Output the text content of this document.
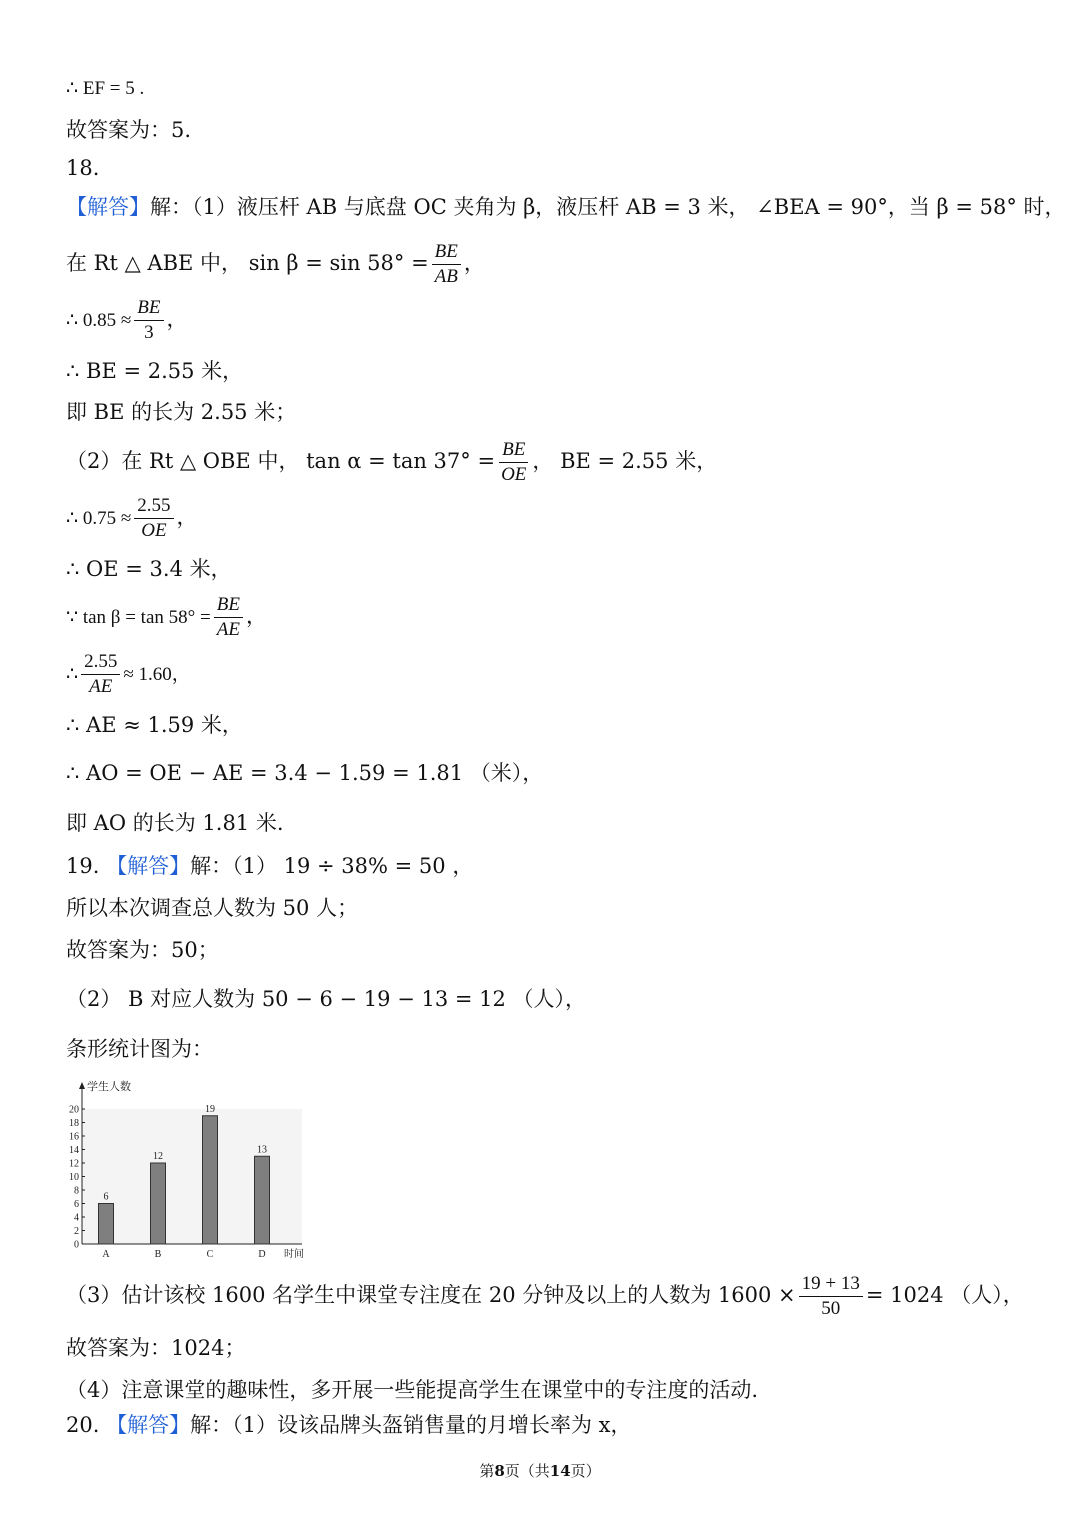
∴ EF = 5 .
故答案为：5.
18.
【解答】解：（1）液压杆 AB 与底盘 OC 夹角为 β，液压杆 AB = 3 米， ∠BEA = 90°，当 β = 58° 时，
在 Rt △ ABE 中， $\sin \beta = \sin 58^\circ = \frac{BE}{AB}$ ，
∴ $0.85 \approx \frac{BE}{3}$ ，
∴ BE = 2.55 米，
即 BE 的长为 2.55 米；
（2）在 Rt △ OBE 中， $\tan \alpha = \tan 37^\circ = \frac{BE}{OE}$ ， BE = 2.55 米，
∴ $0.75 \approx \frac{2.55}{OE}$ ，
∴ OE = 3.4 米，
∵ $\tan \beta = \tan 58^\circ = \frac{BE}{AE}$ ，
∴ $\frac{2.55}{AE} \approx 1.60$，
∴ AE ≈ 1.59 米，
∴ AO = OE − AE = 3.4 − 1.59 = 1.81 （米），
即 AO 的长为 1.81 米.
19. 【解答】解：（1） 19 ÷ 38% = 50 ，
所以本次调查总人数为 50 人；
故答案为：50；
（2） B 对应人数为 50 − 6 − 19 − 13 = 12 （人），
条形统计图为：
学生人数
时间
0
2
4
6
8
10
12
14
16
18
20
6
A
12
B
19
C
13
D
（3）估计该校 1600 名学生中课堂专注度在 20 分钟及以上的人数为 $1600 \times \frac{19 + 13}{50} = 1024$ （人），
故答案为：1024；
（4）注意课堂的趣味性，多开展一些能提高学生在课堂中的专注度的活动.
20. 【解答】解：（1）设该品牌头盔销售量的月增长率为 x，
第8页（共14页）
